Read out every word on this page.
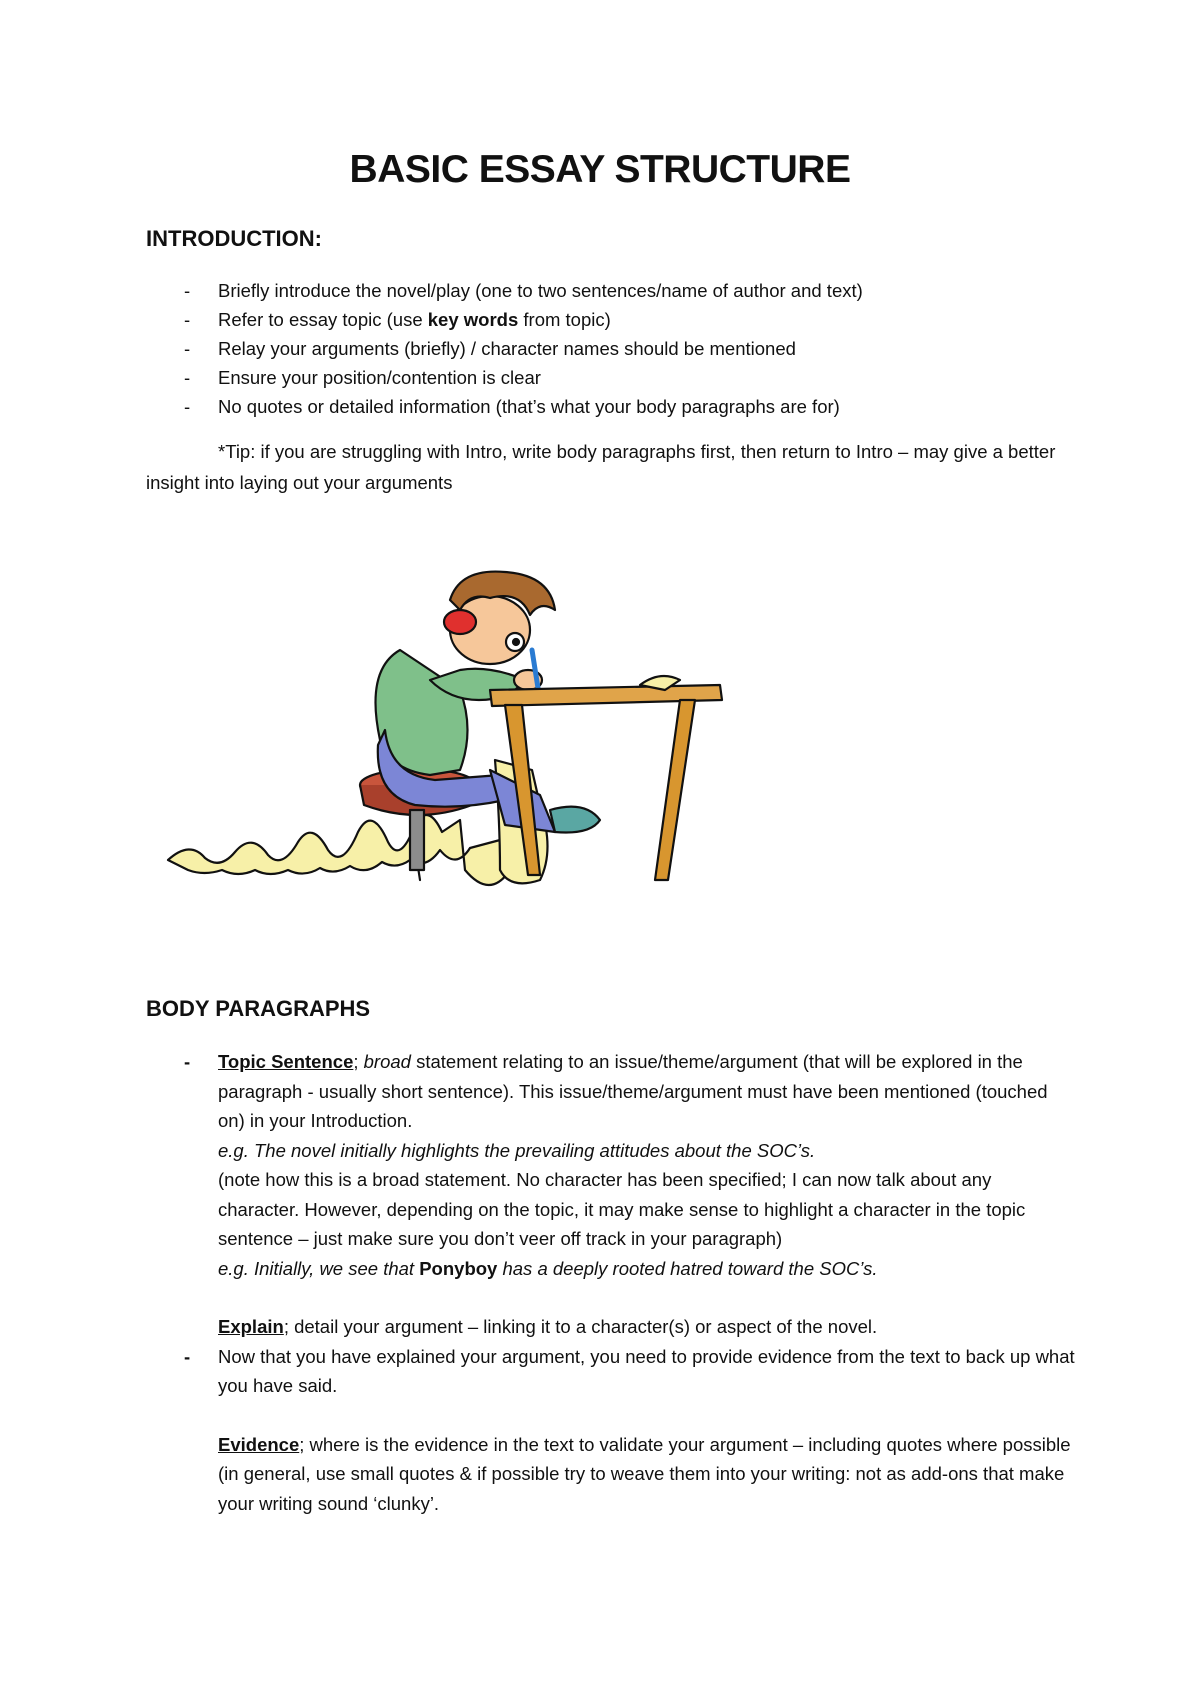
BASIC ESSAY STRUCTURE
INTRODUCTION:
- Briefly introduce the novel/play (one to two sentences/name of author and text)
- Refer to essay topic (use key words from topic)
- Relay your arguments (briefly) / character names should be mentioned
- Ensure your position/contention is clear
- No quotes or detailed information (that’s what your body paragraphs are for)

*Tip: if you are struggling with Intro, write body paragraphs first, then return to Intro – may give a better insight into laying out your arguments

BODY PARAGRAPHS
- Topic Sentence; broad statement relating to an issue/theme/argument (that will be explored in the paragraph - usually short sentence). This issue/theme/argument must have been mentioned (touched on) in your Introduction.
e.g. The novel initially highlights the prevailing attitudes about the SOC’s.
(note how this is a broad statement. No character has been specified; I can now talk about any character. However, depending on the topic, it may make sense to highlight a character in the topic sentence – just make sure you don’t veer off track in your paragraph)
e.g. Initially, we see that Ponyboy has a deeply rooted hatred toward the SOC’s.
Explain; detail your argument – linking it to a character(s) or aspect of the novel.
- Now that you have explained your argument, you need to provide evidence from the text to back up what you have said.
Evidence; where is the evidence in the text to validate your argument – including quotes where possible (in general, use small quotes & if possible try to weave them into your writing: not as add-ons that make your writing sound ‘clunky’.
